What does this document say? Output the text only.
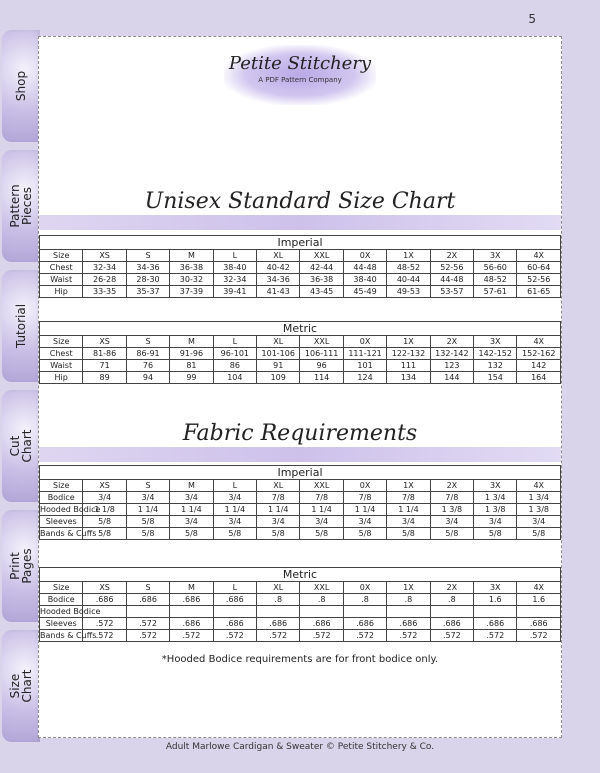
5
Shop
Pattern
Pieces
Tutorial
Cut
Chart
Print
Pages
Size
Chart
Petite Stitchery
A PDF Pattern Company
Unisex Standard Size Chart
Imperial											
Size	XS	S	M	L	XL	XXL	0X	1X	2X	3X	4X
Chest	32-34	34-36	36-38	38-40	40-42	42-44	44-48	48-52	52-56	56-60	60-64
Waist	26-28	28-30	30-32	32-34	34-36	36-38	38-40	40-44	44-48	48-52	52-56
Hip	33-35	35-37	37-39	39-41	41-43	43-45	45-49	49-53	53-57	57-61	61-65
Metric											
Size	XS	S	M	L	XL	XXL	0X	1X	2X	3X	4X
Chest	81-86	86-91	91-96	96-101	101-106	106-111	111-121	122-132	132-142	142-152	152-162
Waist	71	76	81	86	91	96	101	111	123	132	142
Hip	89	94	99	104	109	114	124	134	144	154	164
Fabric Requirements
Imperial											
Size	XS	S	M	L	XL	XXL	0X	1X	2X	3X	4X
Bodice	3/4	3/4	3/4	3/4	7/8	7/8	7/8	7/8	7/8	1 3/4	1 3/4
Hooded Bodice	1 1/8	1 1/4	1 1/4	1 1/4	1 1/4	1 1/4	1 1/4	1 1/4	1 3/8	1 3/8	1 3/8
Sleeves	5/8	5/8	3/4	3/4	3/4	3/4	3/4	3/4	3/4	3/4	3/4
Bands & Cuffs	5/8	5/8	5/8	5/8	5/8	5/8	5/8	5/8	5/8	5/8	5/8
Metric											
Size	XS	S	M	L	XL	XXL	0X	1X	2X	3X	4X
Bodice	.686	.686	.686	.686	.8	.8	.8	.8	.8	1.6	1.6
Hooded Bodice											
Sleeves	.572	.572	.686	.686	.686	.686	.686	.686	.686	.686	.686
Bands & Cuffs	.572	.572	.572	.572	.572	.572	.572	.572	.572	.572	.572
*Hooded Bodice requirements are for front bodice only.
Adult Marlowe Cardigan & Sweater © Petite Stitchery & Co.
